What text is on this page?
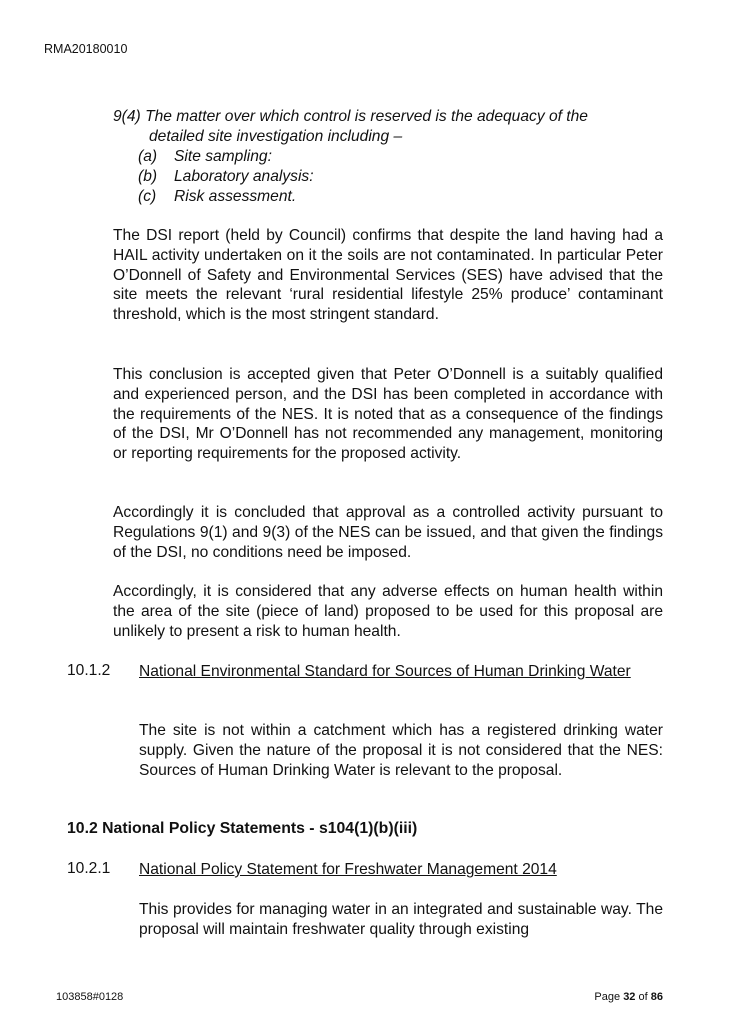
RMA20180010
9(4) The matter over which control is reserved is the adequacy of the
detailed site investigation including –
(a) Site sampling:
(b) Laboratory analysis:
(c) Risk assessment.
The DSI report (held by Council) confirms that despite the land having had a HAIL activity undertaken on it the soils are not contaminated. In particular Peter O’Donnell of Safety and Environmental Services (SES) have advised that the site meets the relevant ‘rural residential lifestyle 25% produce’ contaminant threshold, which is the most stringent standard.
This conclusion is accepted given that Peter O’Donnell is a suitably qualified and experienced person, and the DSI has been completed in accordance with the requirements of the NES. It is noted that as a consequence of the findings of the DSI, Mr O’Donnell has not recommended any management, monitoring or reporting requirements for the proposed activity.
Accordingly it is concluded that approval as a controlled activity pursuant to Regulations 9(1) and 9(3) of the NES can be issued, and that given the findings of the DSI, no conditions need be imposed.
Accordingly, it is considered that any adverse effects on human health within the area of the site (piece of land) proposed to be used for this proposal are unlikely to present a risk to human health.
10.1.2 National Environmental Standard for Sources of Human Drinking Water
The site is not within a catchment which has a registered drinking water supply. Given the nature of the proposal it is not considered that the NES: Sources of Human Drinking Water is relevant to the proposal.
10.2 National Policy Statements - s104(1)(b)(iii)
10.2.1 National Policy Statement for Freshwater Management 2014
This provides for managing water in an integrated and sustainable way. The proposal will maintain freshwater quality through existing
103858#0128	Page 32 of 86
